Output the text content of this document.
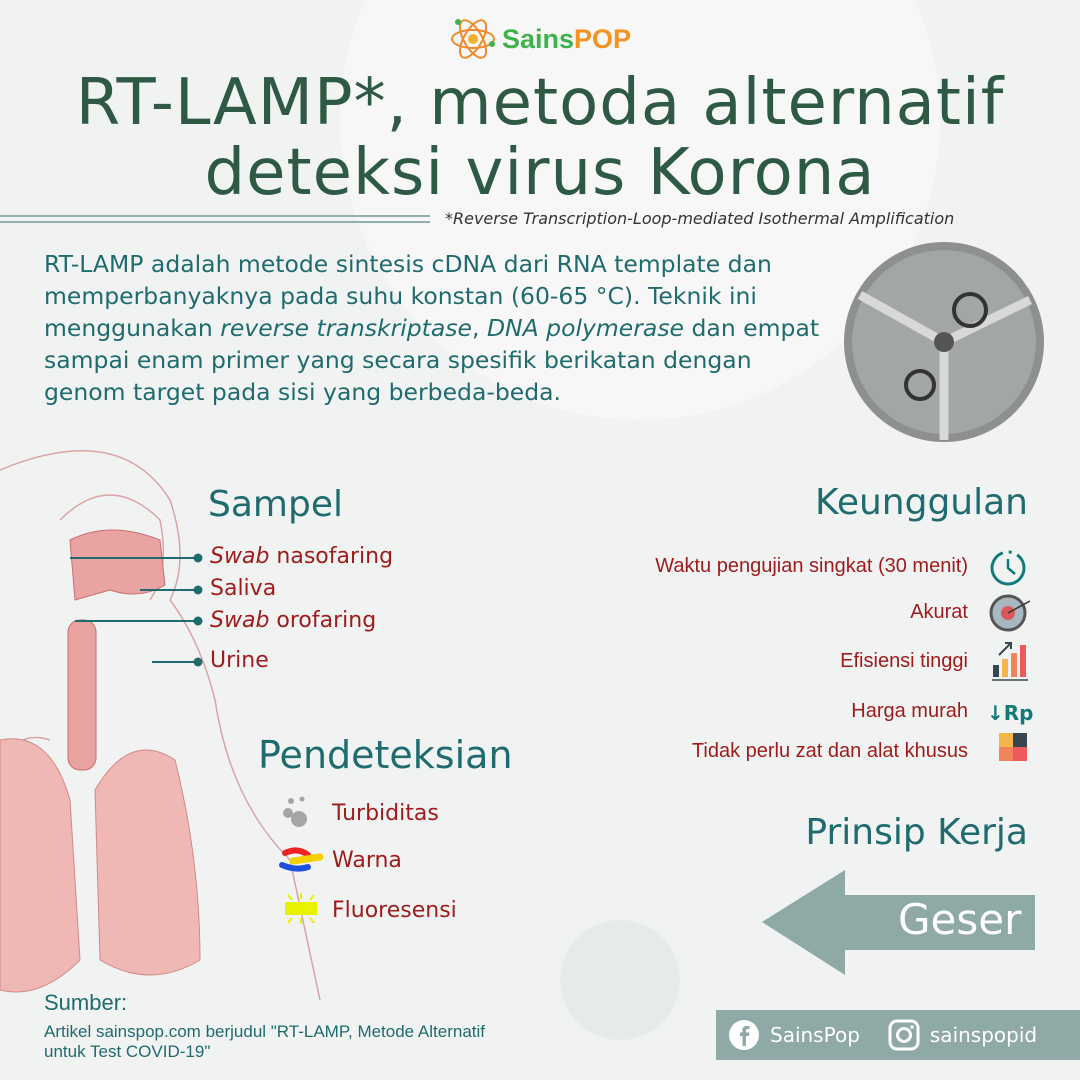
SainsPOP
RT-LAMP*, metoda alternatif
deteksi virus Korona
*Reverse Transcription-Loop-mediated Isothermal Amplification
RT-LAMP adalah metode sintesis cDNA dari RNA template dan memperbanyaknya pada suhu konstan (60-65 °C). Teknik ini menggunakan reverse transkriptase, DNA polymerase dan empat sampai enam primer yang secara spesifik berikatan dengan genom target pada sisi yang berbeda-beda.
Sampel
Swab nasofaring
Saliva
Swab orofaring
Urine
Keunggulan
Waktu pengujian singkat (30 menit)
Akurat
Efisiensi tinggi
Harga murah
Tidak perlu zat dan alat khusus
↓Rp
Pendeteksian
Turbiditas
Warna
Fluoresensi
Prinsip Kerja
Geser
Sumber:
Artikel sainspop.com berjudul "RT-LAMP, Metode Alternatif
untuk Test COVID-19"
SainsPop	sainspopid
